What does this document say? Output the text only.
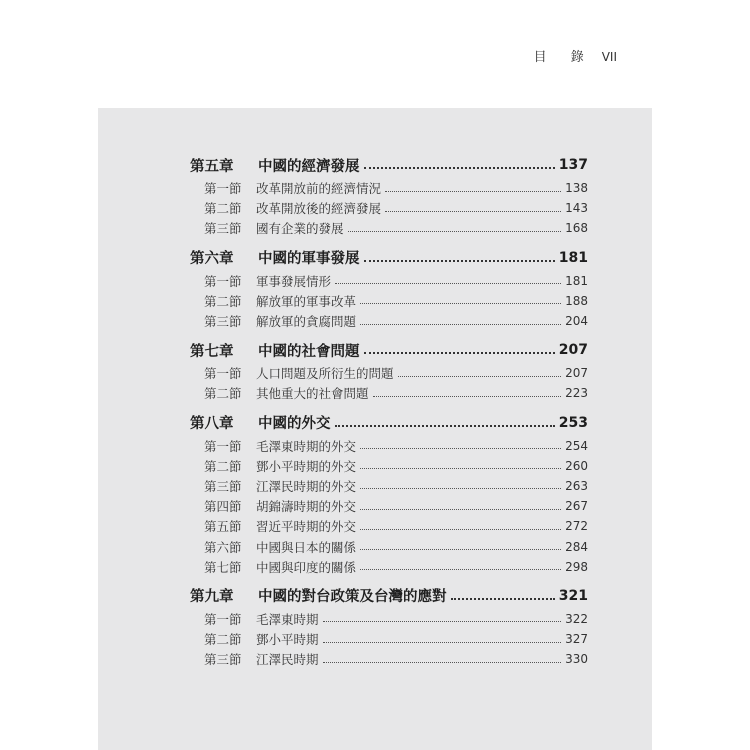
目 錄 VII
第五章	中國的經濟發展	137
第一節	改革開放前的經濟情況	138
第二節	改革開放後的經濟發展	143
第三節	國有企業的發展	168
第六章	中國的軍事發展	181
第一節	軍事發展情形	181
第二節	解放軍的軍事改革	188
第三節	解放軍的貪腐問題	204
第七章	中國的社會問題	207
第一節	人口問題及所衍生的問題	207
第二節	其他重大的社會問題	223
第八章	中國的外交	253
第一節	毛澤東時期的外交	254
第二節	鄧小平時期的外交	260
第三節	江澤民時期的外交	263
第四節	胡錦濤時期的外交	267
第五節	習近平時期的外交	272
第六節	中國與日本的關係	284
第七節	中國與印度的關係	298
第九章	中國的對台政策及台灣的應對	321
第一節	毛澤東時期	322
第二節	鄧小平時期	327
第三節	江澤民時期	330
